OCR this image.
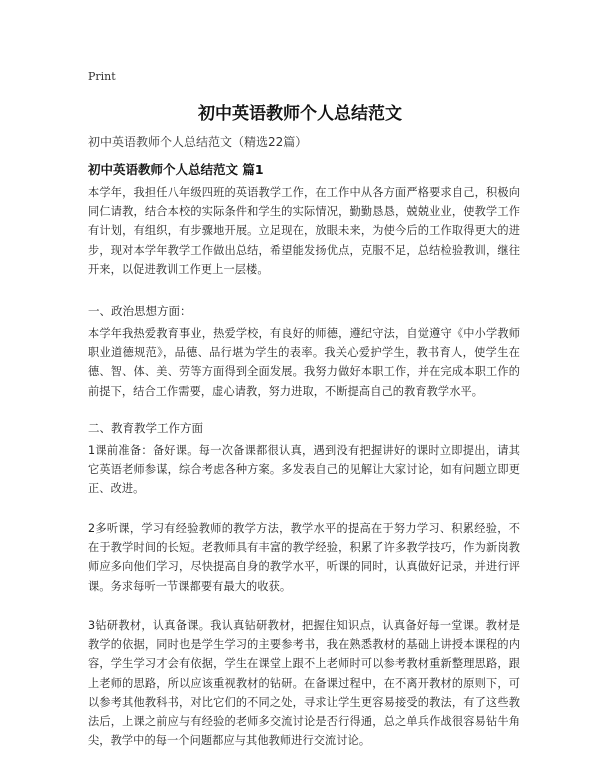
Print
初中英语教师个人总结范文
初中英语教师个人总结范文（精选22篇）
初中英语教师个人总结范文 篇1
本学年，我担任八年级四班的英语教学工作，在工作中从各方面严格要求自己，积极向同仁请教，结合本校的实际条件和学生的实际情况，勤勤恳恳，兢兢业业，使教学工作有计划，有组织，有步骤地开展。立足现在，放眼未来，为使今后的工作取得更大的进步，现对本学年教学工作做出总结，希望能发扬优点，克服不足，总结检验教训，继往开来，以促进教训工作更上一层楼。
一、政治思想方面：
本学年我热爱教育事业，热爱学校，有良好的师德，遵纪守法，自觉遵守《中小学教师职业道德规范》，品德、品行堪为学生的表率。我关心爱护学生，教书育人，使学生在德、智、体、美、劳等方面得到全面发展。我努力做好本职工作，并在完成本职工作的前提下，结合工作需要，虚心请教，努力进取，不断提高自己的教育教学水平。
二、教育教学工作方面
1课前准备：备好课。每一次备课都很认真，遇到没有把握讲好的课时立即提出，请其它英语老师参谋，综合考虑各种方案。多发表自己的见解让大家讨论，如有问题立即更正、改进。
2多听课，学习有经验教师的教学方法，教学水平的提高在于努力学习、积累经验，不在于教学时间的长短。老教师具有丰富的教学经验，积累了许多教学技巧，作为新岗教师应多向他们学习，尽快提高自身的教学水平，听课的同时，认真做好记录，并进行评课。务求每听一节课都要有最大的收获。
3钻研教材，认真备课。我认真钻研教材，把握住知识点，认真备好每一堂课。教材是教学的依据，同时也是学生学习的主要参考书，我在熟悉教材的基础上讲授本课程的内容，学生学习才会有依据，学生在课堂上跟不上老师时可以参考教材重新整理思路，跟上老师的思路，所以应该重视教材的钻研。在备课过程中，在不离开教材的原则下，可以参考其他教科书，对比它们的不同之处，寻求让学生更容易接受的教法，有了这些教法后，上课之前应与有经验的老师多交流讨论是否行得通，总之单兵作战很容易钻牛角尖，教学中的每一个问题都应与其他教师进行交流讨论。
